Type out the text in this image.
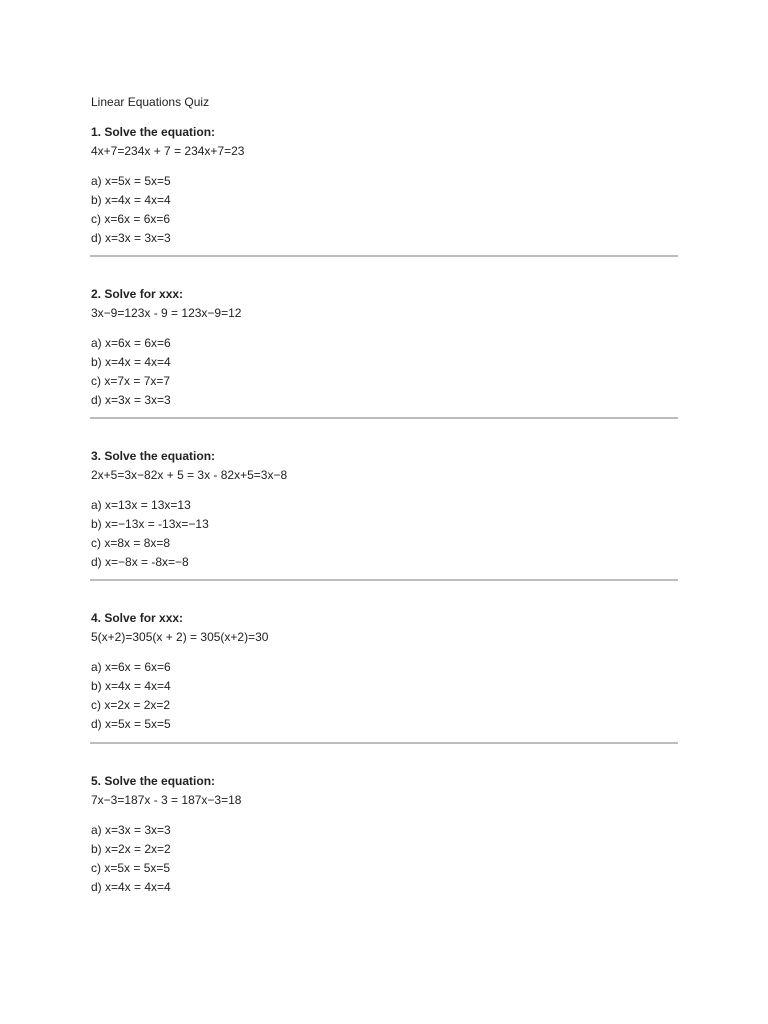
Linear Equations Quiz
1. Solve the equation:
4x+7=234x + 7 = 234x+7=23
a) x=5x = 5x=5
b) x=4x = 4x=4
c) x=6x = 6x=6
d) x=3x = 3x=3
2. Solve for xxx:
3x−9=123x - 9 = 123x−9=12
a) x=6x = 6x=6
b) x=4x = 4x=4
c) x=7x = 7x=7
d) x=3x = 3x=3
3. Solve the equation:
2x+5=3x−82x + 5 = 3x - 82x+5=3x−8
a) x=13x = 13x=13
b) x=−13x = -13x=−13
c) x=8x = 8x=8
d) x=−8x = -8x=−8
4. Solve for xxx:
5(x+2)=305(x + 2) = 305(x+2)=30
a) x=6x = 6x=6
b) x=4x = 4x=4
c) x=2x = 2x=2
d) x=5x = 5x=5
5. Solve the equation:
7x−3=187x - 3 = 187x−3=18
a) x=3x = 3x=3
b) x=2x = 2x=2
c) x=5x = 5x=5
d) x=4x = 4x=4
